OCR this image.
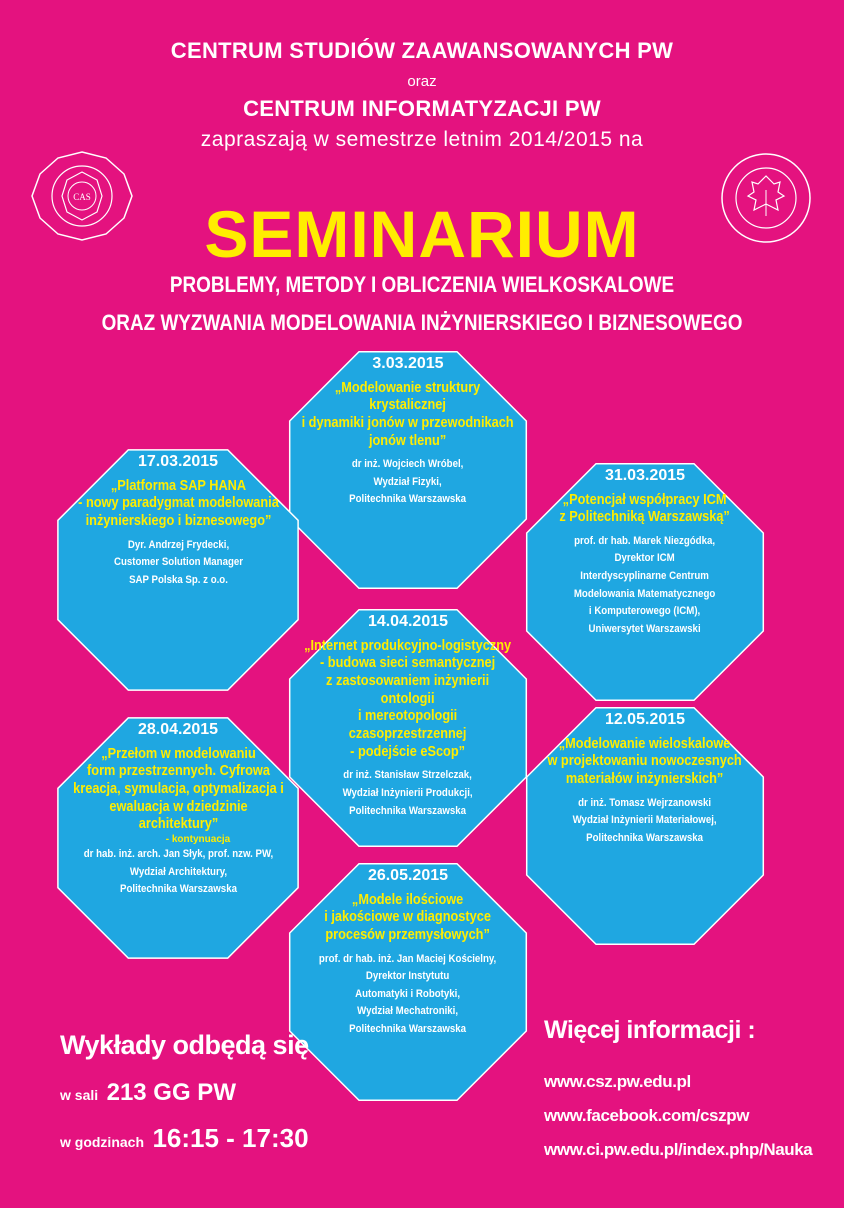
CENTRUM STUDIÓW ZAAWANSOWANYCH PW
oraz
CENTRUM INFORMATYZACJI PW
zapraszają w semestrze letnim 2014/2015 na
CAS	SEMINARIUM
PROBLEMY, METODY I OBLICZENIA WIELKOSKALOWE
ORAZ WYZWANIA MODELOWANIA INŻYNIERSKIEGO I BIZNESOWEGO
3.03.2015
„Modelowanie struktury
krystalicznej
i dynamiki jonów w przewodnikach
jonów tlenu”
dr inż. Wojciech Wróbel,
Wydział Fizyki,
Politechnika Warszawska
17.03.2015
„Platforma SAP HANA
- nowy paradygmat modelowania
inżynierskiego i biznesowego”
Dyr. Andrzej Frydecki,
Customer Solution Manager
SAP Polska Sp. z o.o.
31.03.2015
„Potencjał współpracy ICM
z Politechniką Warszawską”
prof. dr hab. Marek Niezgódka,
Dyrektor ICM
Interdyscyplinarne Centrum
Modelowania Matematycznego
i Komputerowego (ICM),
Uniwersytet Warszawski
14.04.2015
„Internet produkcyjno-logistyczny
- budowa sieci semantycznej
z zastosowaniem inżynierii ontologii
i mereotopologii czasoprzestrzennej
- podejście eScop”
dr inż. Stanisław Strzelczak,
Wydział Inżynierii Produkcji,
Politechnika Warszawska
28.04.2015
„Przełom w modelowaniu
form przestrzennych. Cyfrowa
kreacja, symulacja, optymalizacja i
ewaluacja w dziedzinie architektury”
- kontynuacja
dr hab. inż. arch. Jan Słyk, prof. nzw. PW,
Wydział Architektury,
Politechnika Warszawska
12.05.2015
„Modelowanie wieloskalowe
w projektowaniu nowoczesnych
materiałów inżynierskich”
dr inż. Tomasz Wejrzanowski
Wydział Inżynierii Materiałowej,
Politechnika Warszawska
26.05.2015
„Modele ilościowe
i jakościowe w diagnostyce
procesów przemysłowych”
prof. dr hab. inż. Jan Maciej Kościelny,
Dyrektor Instytutu
Automatyki i Robotyki,
Wydział Mechatroniki,
Politechnika Warszawska
Wykłady odbędą się
w sali 213 GG PW
w godzinach 16:15 - 17:30
Więcej informacji :
www.csz.pw.edu.pl
www.facebook.com/cszpw
www.ci.pw.edu.pl/index.php/Nauka
